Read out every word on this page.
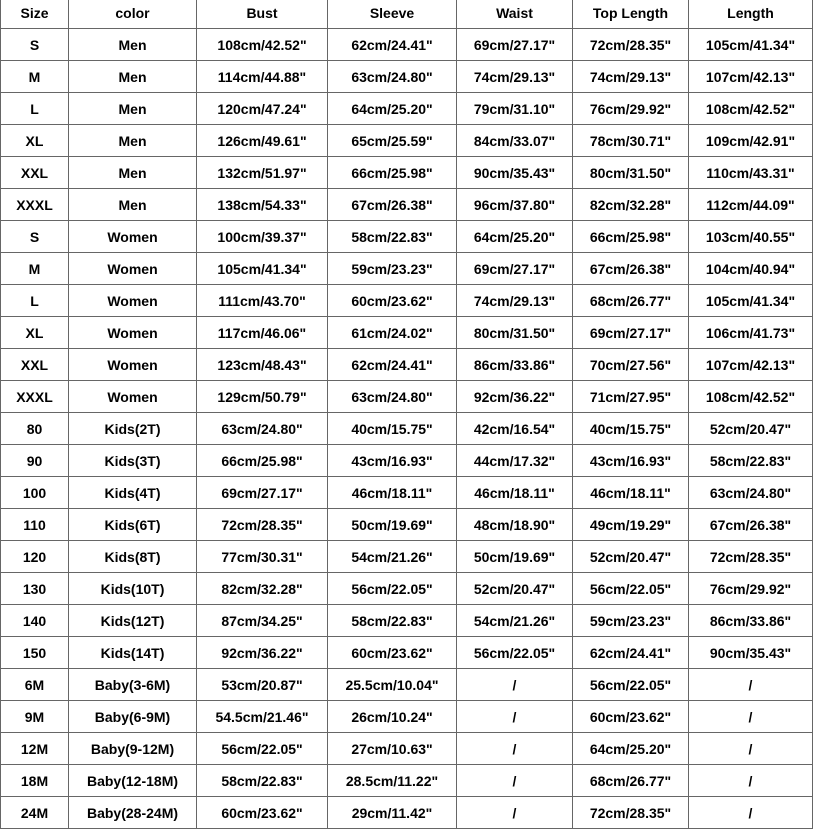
Size	color	Bust	Sleeve	Waist	Top Length	Length
S	Men	108cm/42.52"	62cm/24.41"	69cm/27.17"	72cm/28.35"	105cm/41.34"
M	Men	114cm/44.88"	63cm/24.80"	74cm/29.13"	74cm/29.13"	107cm/42.13"
L	Men	120cm/47.24"	64cm/25.20"	79cm/31.10"	76cm/29.92"	108cm/42.52"
XL	Men	126cm/49.61"	65cm/25.59"	84cm/33.07"	78cm/30.71"	109cm/42.91"
XXL	Men	132cm/51.97"	66cm/25.98"	90cm/35.43"	80cm/31.50"	110cm/43.31"
XXXL	Men	138cm/54.33"	67cm/26.38"	96cm/37.80"	82cm/32.28"	112cm/44.09"
S	Women	100cm/39.37"	58cm/22.83"	64cm/25.20"	66cm/25.98"	103cm/40.55"
M	Women	105cm/41.34"	59cm/23.23"	69cm/27.17"	67cm/26.38"	104cm/40.94"
L	Women	111cm/43.70"	60cm/23.62"	74cm/29.13"	68cm/26.77"	105cm/41.34"
XL	Women	117cm/46.06"	61cm/24.02"	80cm/31.50"	69cm/27.17"	106cm/41.73"
XXL	Women	123cm/48.43"	62cm/24.41"	86cm/33.86"	70cm/27.56"	107cm/42.13"
XXXL	Women	129cm/50.79"	63cm/24.80"	92cm/36.22"	71cm/27.95"	108cm/42.52"
80	Kids(2T)	63cm/24.80"	40cm/15.75"	42cm/16.54"	40cm/15.75"	52cm/20.47"
90	Kids(3T)	66cm/25.98"	43cm/16.93"	44cm/17.32"	43cm/16.93"	58cm/22.83"
100	Kids(4T)	69cm/27.17"	46cm/18.11"	46cm/18.11"	46cm/18.11"	63cm/24.80"
110	Kids(6T)	72cm/28.35"	50cm/19.69"	48cm/18.90"	49cm/19.29"	67cm/26.38"
120	Kids(8T)	77cm/30.31"	54cm/21.26"	50cm/19.69"	52cm/20.47"	72cm/28.35"
130	Kids(10T)	82cm/32.28"	56cm/22.05"	52cm/20.47"	56cm/22.05"	76cm/29.92"
140	Kids(12T)	87cm/34.25"	58cm/22.83"	54cm/21.26"	59cm/23.23"	86cm/33.86"
150	Kids(14T)	92cm/36.22"	60cm/23.62"	56cm/22.05"	62cm/24.41"	90cm/35.43"
6M	Baby(3-6M)	53cm/20.87"	25.5cm/10.04"	/	56cm/22.05"	/
9M	Baby(6-9M)	54.5cm/21.46"	26cm/10.24"	/	60cm/23.62"	/
12M	Baby(9-12M)	56cm/22.05"	27cm/10.63"	/	64cm/25.20"	/
18M	Baby(12-18M)	58cm/22.83"	28.5cm/11.22"	/	68cm/26.77"	/
24M	Baby(28-24M)	60cm/23.62"	29cm/11.42"	/	72cm/28.35"	/
